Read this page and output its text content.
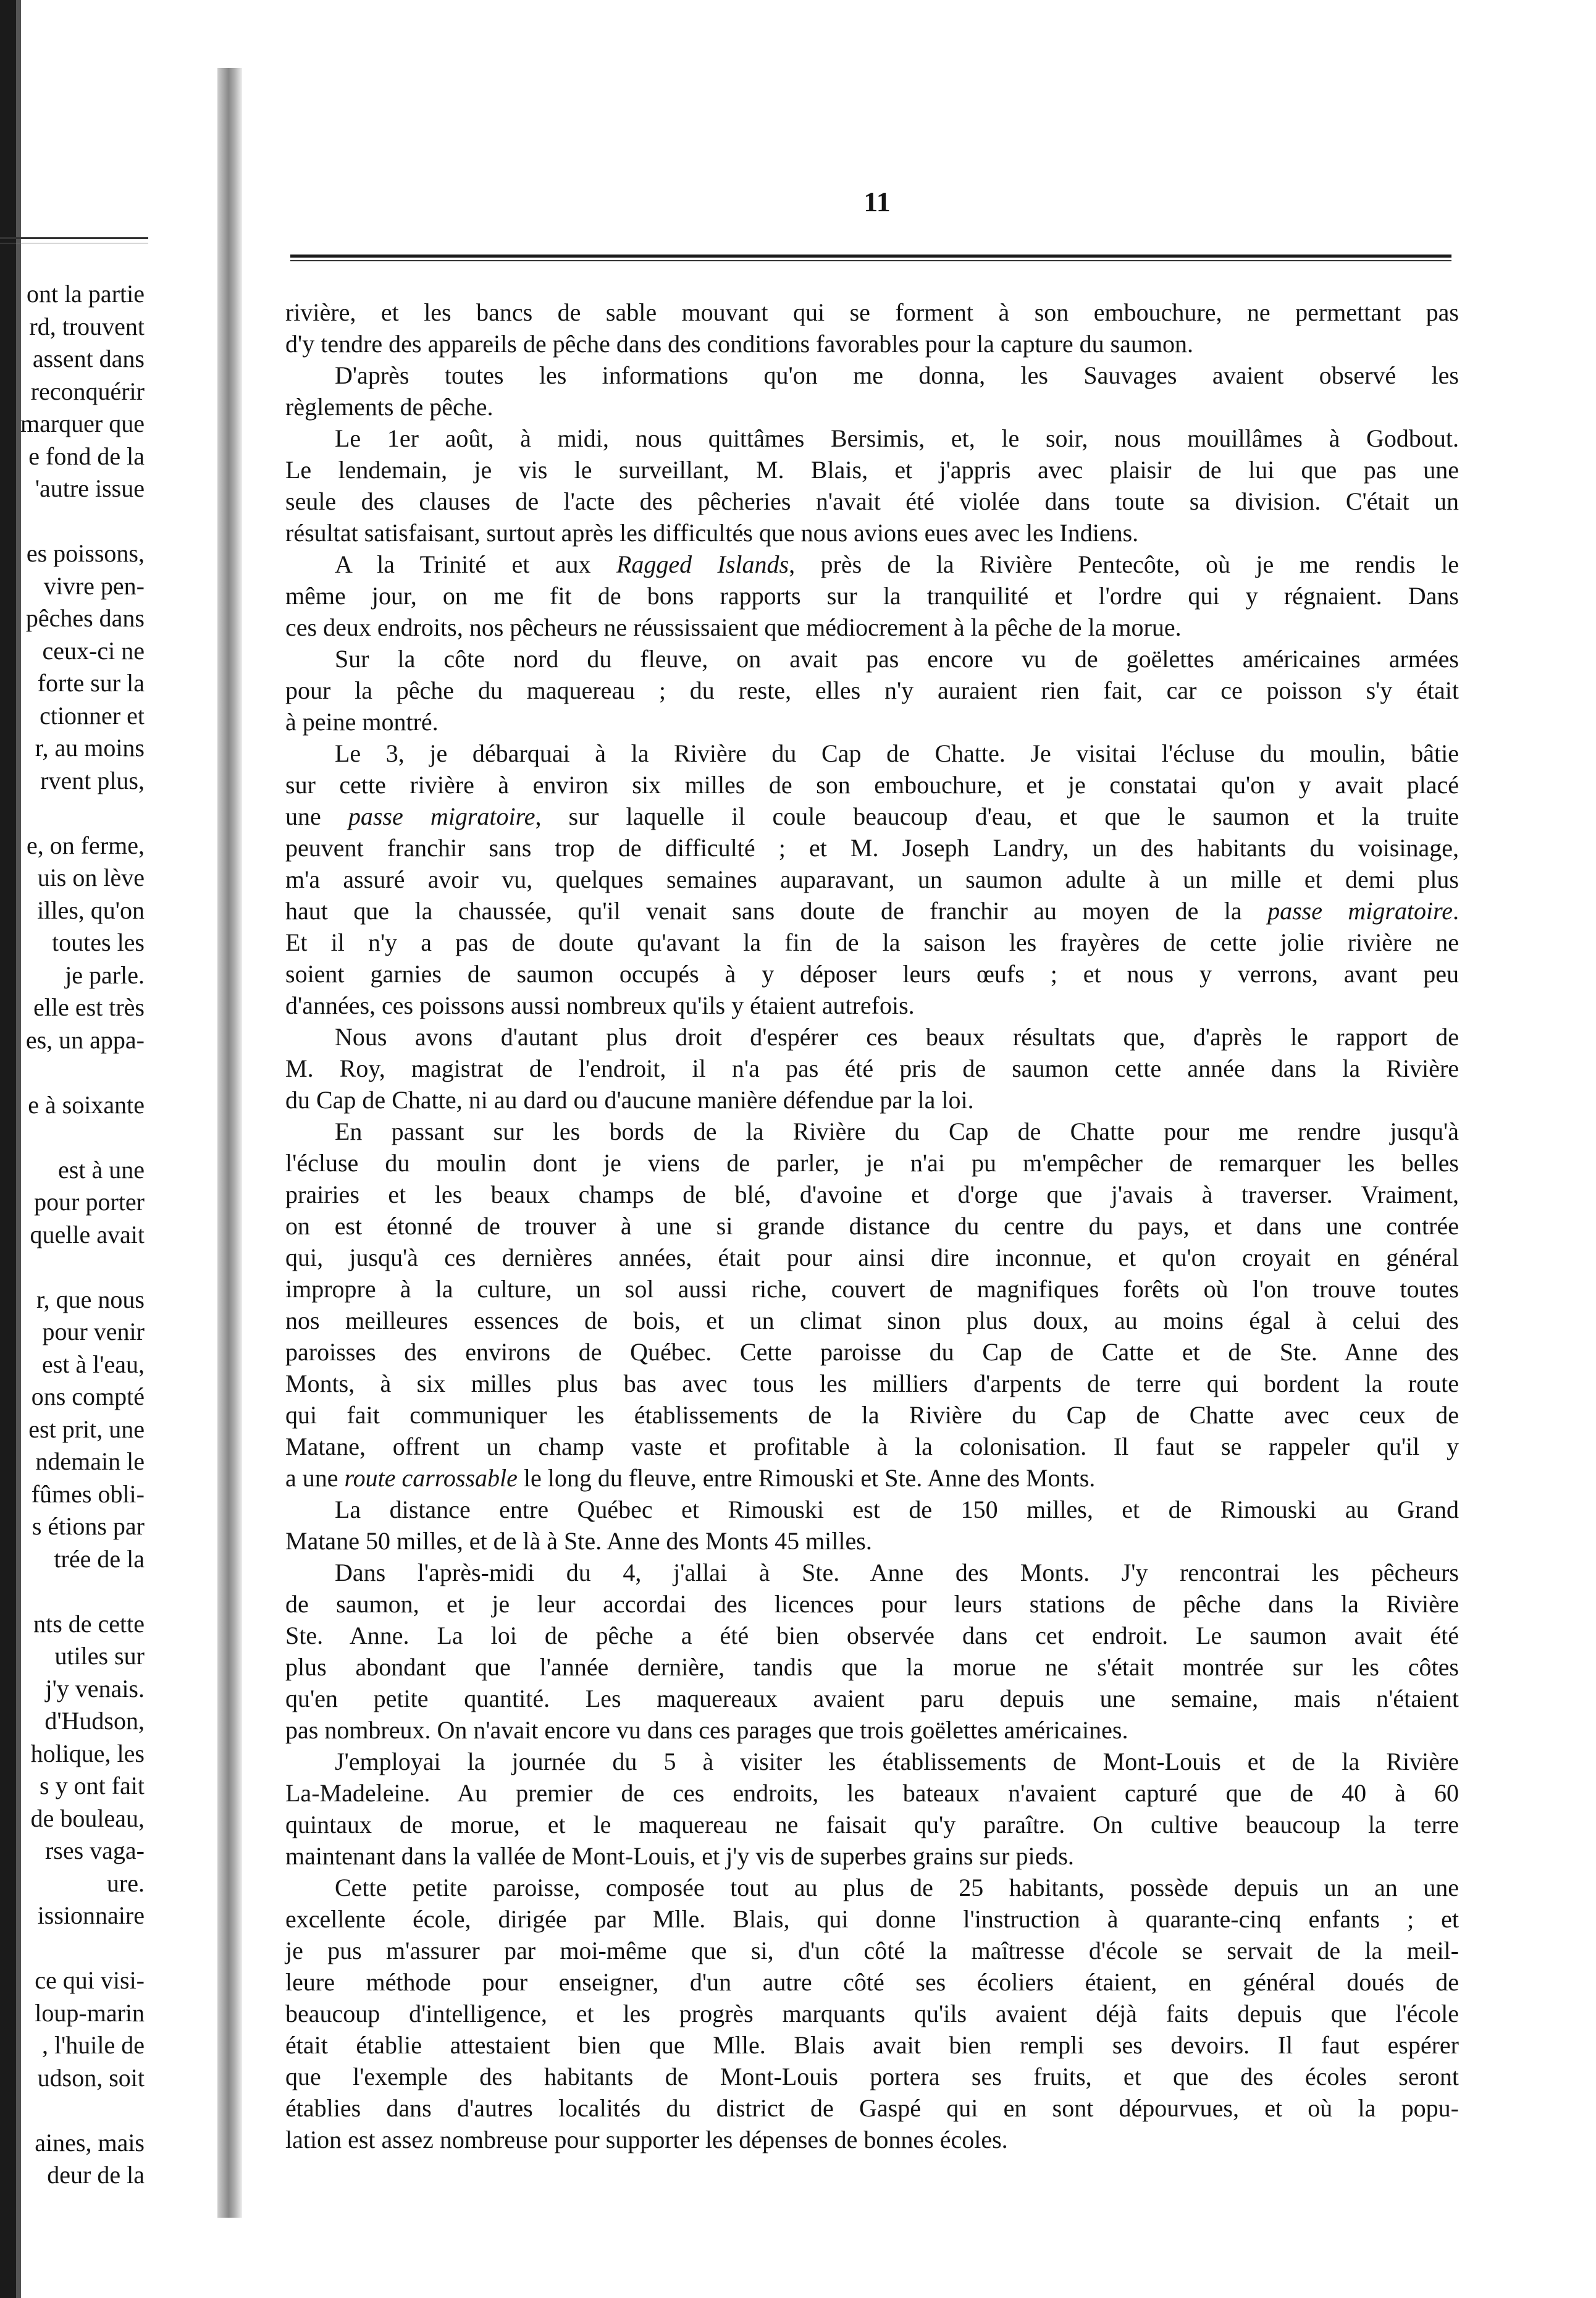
ont la partie
rd, trouvent
assent dans
reconquérir
marquer que
e fond de la
'autre issue
es poissons,
vivre pen-
pêches dans
ceux-ci ne
forte sur la
ctionner et
r, au moins
rvent plus,
e, on ferme,
uis on lève
illes, qu'on
toutes les
je parle.
elle est très
es, un appa-
e à soixante
est à une
pour porter
quelle avait
r, que nous
pour venir
est à l'eau,
ons compté
est prit, une
ndemain le
fûmes obli-
s étions par
trée de la
nts de cette
utiles sur
j'y venais.
d'Hudson,
holique, les
s y ont fait
de bouleau,
rses vaga-
ure.
issionnaire
ce qui visi-
loup-marin
, l'huile de
udson, soit
aines, mais
deur de la
11
rivière, et les bancs de sable mouvant qui se forment à son embouchure, ne permettant pas
d'y tendre des appareils de pêche dans des conditions favorables pour la capture du saumon.
D'après toutes les informations qu'on me donna, les Sauvages avaient observé les
règlements de pêche.
Le 1er août, à midi, nous quittâmes Bersimis, et, le soir, nous mouillâmes à Godbout.
Le lendemain, je vis le surveillant, M. Blais, et j'appris avec plaisir de lui que pas une
seule des clauses de l'acte des pêcheries n'avait été violée dans toute sa division. C'était un
résultat satisfaisant, surtout après les difficultés que nous avions eues avec les Indiens.
A la Trinité et aux Ragged Islands, près de la Rivière Pentecôte, où je me rendis le
même jour, on me fit de bons rapports sur la tranquilité et l'ordre qui y régnaient. Dans
ces deux endroits, nos pêcheurs ne réussissaient que médiocrement à la pêche de la morue.
Sur la côte nord du fleuve, on avait pas encore vu de goëlettes américaines armées
pour la pêche du maquereau ; du reste, elles n'y auraient rien fait, car ce poisson s'y était
à peine montré.
Le 3, je débarquai à la Rivière du Cap de Chatte. Je visitai l'écluse du moulin, bâtie
sur cette rivière à environ six milles de son embouchure, et je constatai qu'on y avait placé
une passe migratoire, sur laquelle il coule beaucoup d'eau, et que le saumon et la truite
peuvent franchir sans trop de difficulté ; et M. Joseph Landry, un des habitants du voisinage,
m'a assuré avoir vu, quelques semaines auparavant, un saumon adulte à un mille et demi plus
haut que la chaussée, qu'il venait sans doute de franchir au moyen de la passe migratoire.
Et il n'y a pas de doute qu'avant la fin de la saison les frayères de cette jolie rivière ne
soient garnies de saumon occupés à y déposer leurs œufs ; et nous y verrons, avant peu
d'années, ces poissons aussi nombreux qu'ils y étaient autrefois.
Nous avons d'autant plus droit d'espérer ces beaux résultats que, d'après le rapport de
M. Roy, magistrat de l'endroit, il n'a pas été pris de saumon cette année dans la Rivière
du Cap de Chatte, ni au dard ou d'aucune manière défendue par la loi.
En passant sur les bords de la Rivière du Cap de Chatte pour me rendre jusqu'à
l'écluse du moulin dont je viens de parler, je n'ai pu m'empêcher de remarquer les belles
prairies et les beaux champs de blé, d'avoine et d'orge que j'avais à traverser. Vraiment,
on est étonné de trouver à une si grande distance du centre du pays, et dans une contrée
qui, jusqu'à ces dernières années, était pour ainsi dire inconnue, et qu'on croyait en général
impropre à la culture, un sol aussi riche, couvert de magnifiques forêts où l'on trouve toutes
nos meilleures essences de bois, et un climat sinon plus doux, au moins égal à celui des
paroisses des environs de Québec. Cette paroisse du Cap de Catte et de Ste. Anne des
Monts, à six milles plus bas avec tous les milliers d'arpents de terre qui bordent la route
qui fait communiquer les établissements de la Rivière du Cap de Chatte avec ceux de
Matane, offrent un champ vaste et profitable à la colonisation. Il faut se rappeler qu'il y
a une route carrossable le long du fleuve, entre Rimouski et Ste. Anne des Monts.
La distance entre Québec et Rimouski est de 150 milles, et de Rimouski au Grand
Matane 50 milles, et de là à Ste. Anne des Monts 45 milles.
Dans l'après-midi du 4, j'allai à Ste. Anne des Monts. J'y rencontrai les pêcheurs
de saumon, et je leur accordai des licences pour leurs stations de pêche dans la Rivière
Ste. Anne. La loi de pêche a été bien observée dans cet endroit. Le saumon avait été
plus abondant que l'année dernière, tandis que la morue ne s'était montrée sur les côtes
qu'en petite quantité. Les maquereaux avaient paru depuis une semaine, mais n'étaient
pas nombreux. On n'avait encore vu dans ces parages que trois goëlettes américaines.
J'employai la journée du 5 à visiter les établissements de Mont-Louis et de la Rivière
La-Madeleine. Au premier de ces endroits, les bateaux n'avaient capturé que de 40 à 60
quintaux de morue, et le maquereau ne faisait qu'y paraître. On cultive beaucoup la terre
maintenant dans la vallée de Mont-Louis, et j'y vis de superbes grains sur pieds.
Cette petite paroisse, composée tout au plus de 25 habitants, possède depuis un an une
excellente école, dirigée par Mlle. Blais, qui donne l'instruction à quarante-cinq enfants ; et
je pus m'assurer par moi-même que si, d'un côté la maîtresse d'école se servait de la meil-
leure méthode pour enseigner, d'un autre côté ses écoliers étaient, en général doués de
beaucoup d'intelligence, et les progrès marquants qu'ils avaient déjà faits depuis que l'école
était établie attestaient bien que Mlle. Blais avait bien rempli ses devoirs. Il faut espérer
que l'exemple des habitants de Mont-Louis portera ses fruits, et que des écoles seront
établies dans d'autres localités du district de Gaspé qui en sont dépourvues, et où la popu-
lation est assez nombreuse pour supporter les dépenses de bonnes écoles.
